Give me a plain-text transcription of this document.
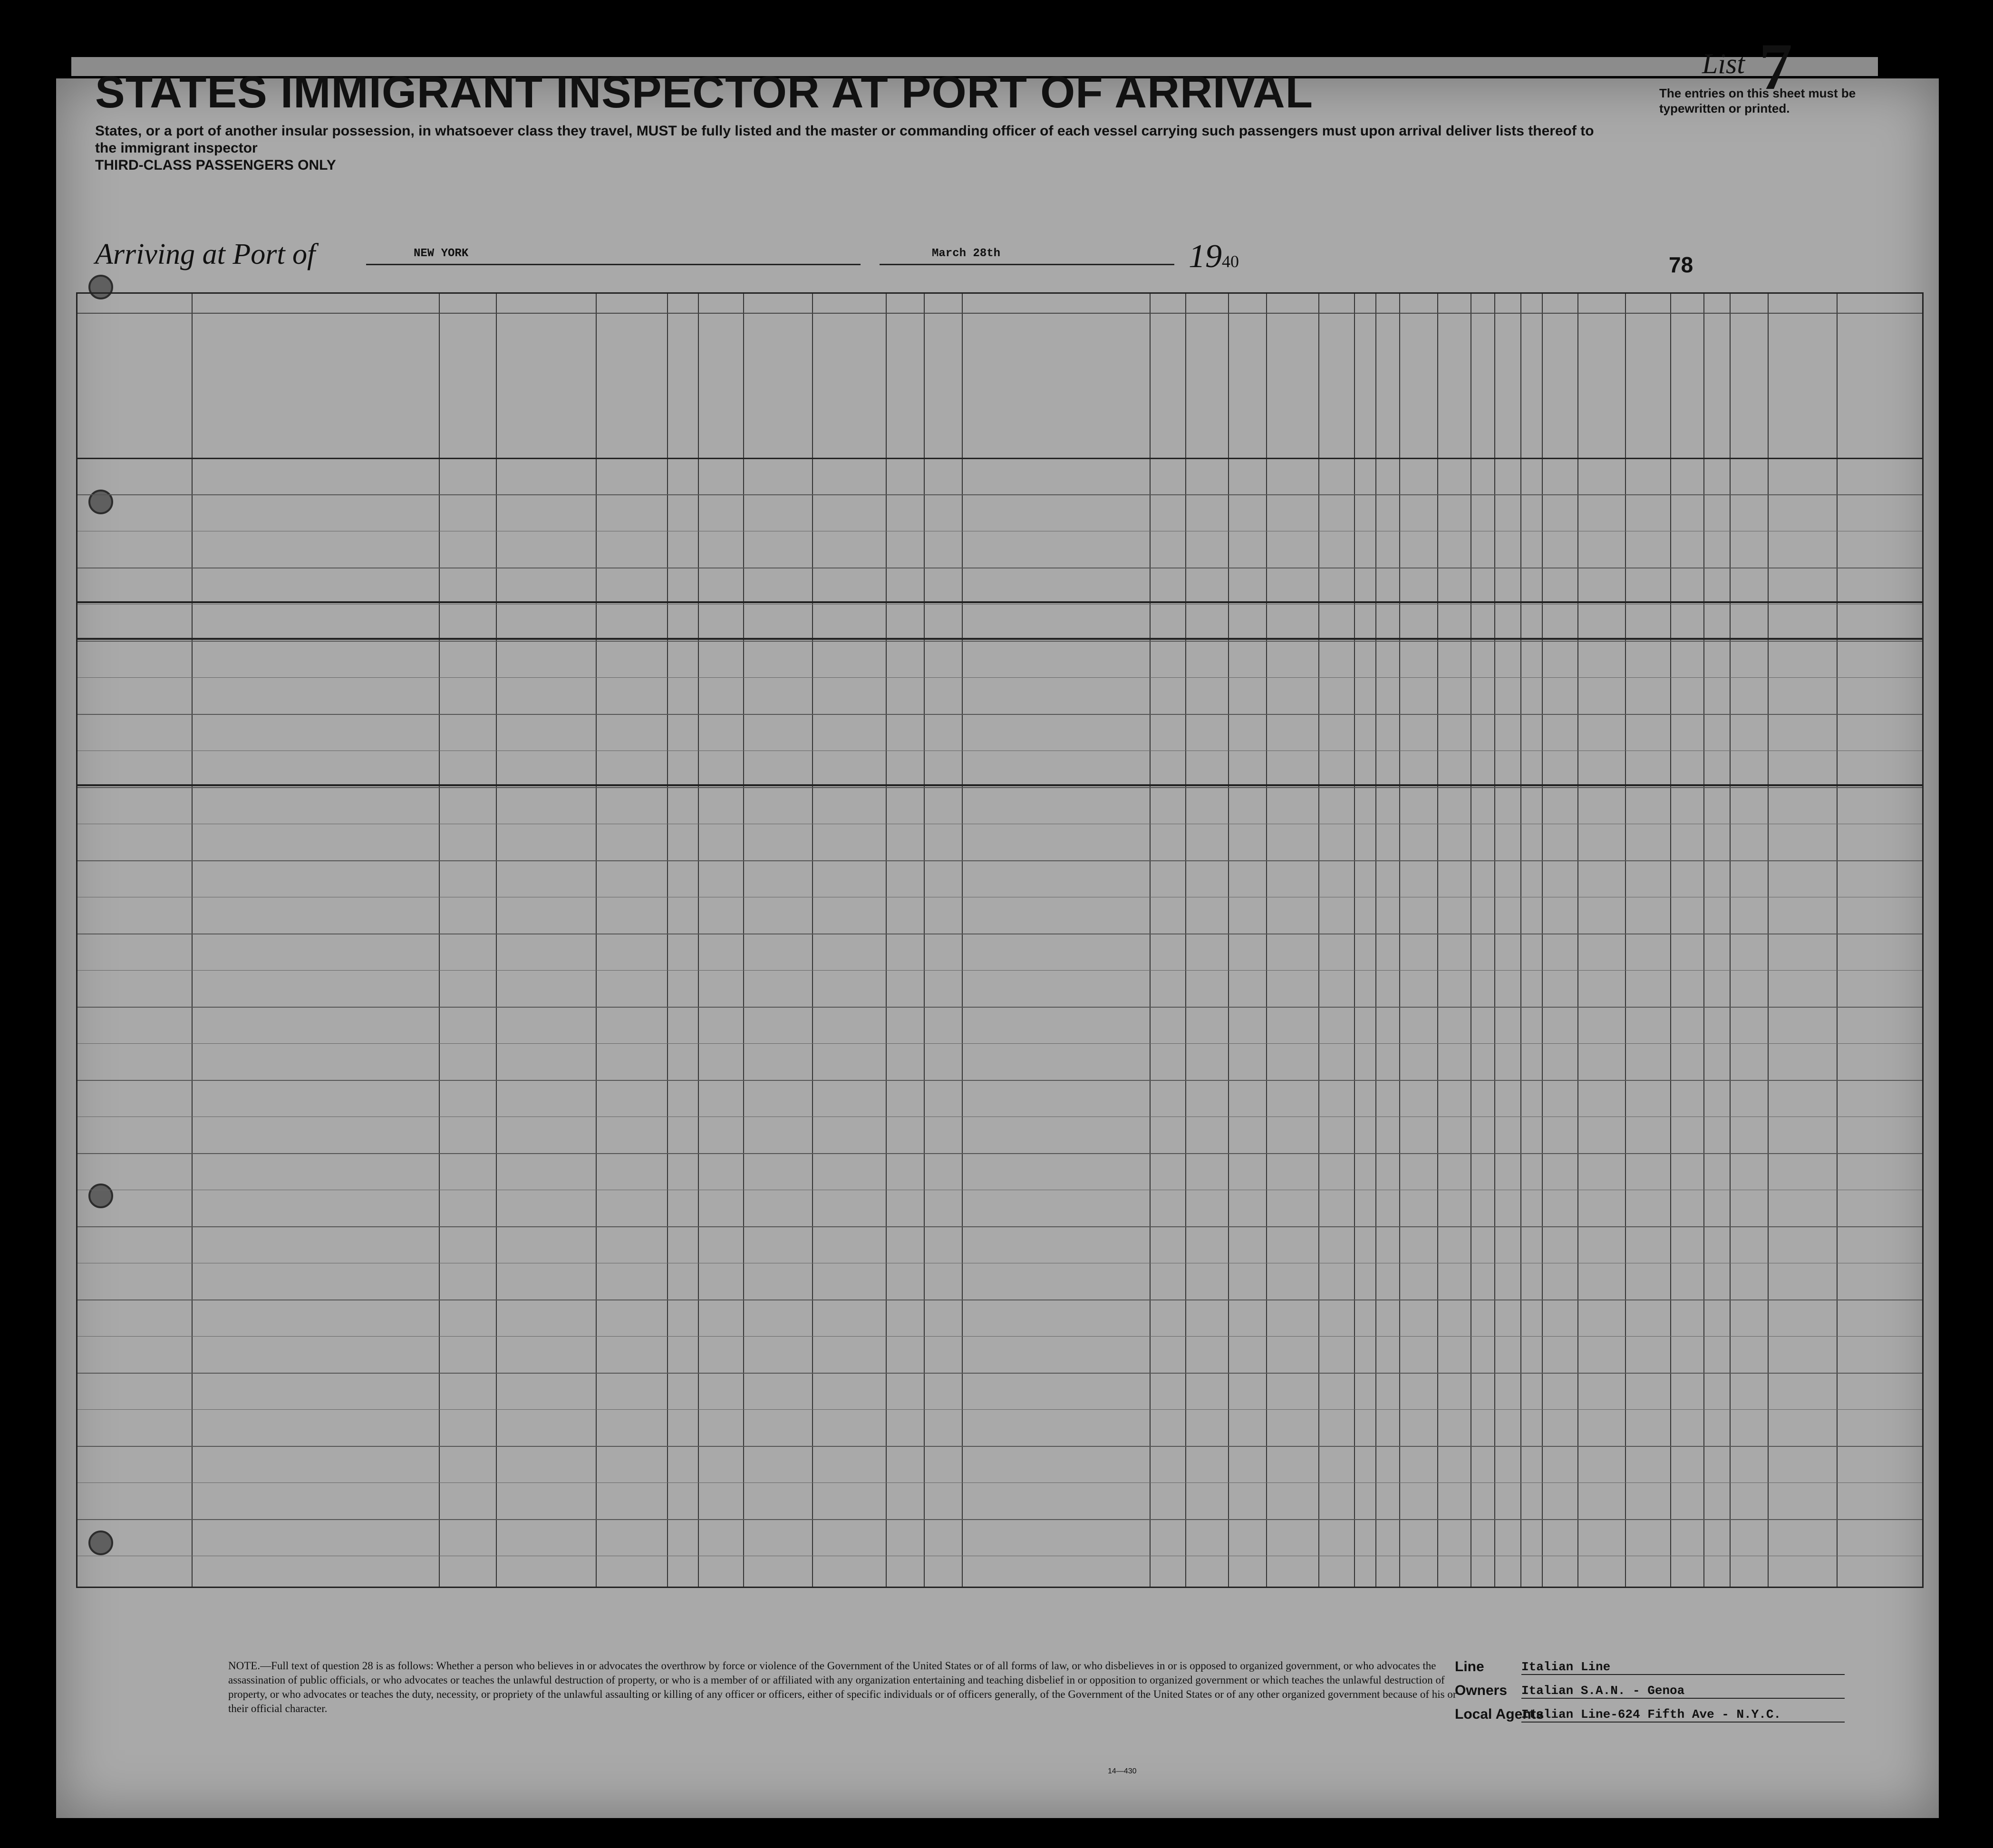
STATES IMMIGRANT INSPECTOR AT PORT OF ARRIVAL
States, or a port of another insular possession, in whatsoever class they travel, MUST be fully listed and the master or commanding officer of each vessel carrying such passengers must upon arrival deliver lists thereof to the immigrant inspector
THIRD-CLASS PASSENGERS ONLY
List 7
The entries on this sheet must be typewritten or printed.
Arriving at Port of	NEW YORK	March 28th	1940	78
NOTE.—Full text of question 28 is as follows: Whether a person who believes in or advocates the overthrow by force or violence of the Government of the United States or of all forms of law, or who disbelieves in or is opposed to organized government, or who advocates the assassination of public officials, or who advocates or teaches the unlawful destruction of property, or who is a member of or affiliated with any organization entertaining and teaching disbelief in or opposition to organized government or which teaches the unlawful destruction of property, or who advocates or teaches the duty, necessity, or propriety of the unlawful assaulting or killing of any officer or officers, either of specific individuals or of officers generally, of the Government of the United States or of any other organized government because of his or their official character.
14—430
Line	Italian Line
Owners Italian S.A.N. - Genoa
Local Agents
Italian Line-624 Fifth Ave - N.Y.C.
